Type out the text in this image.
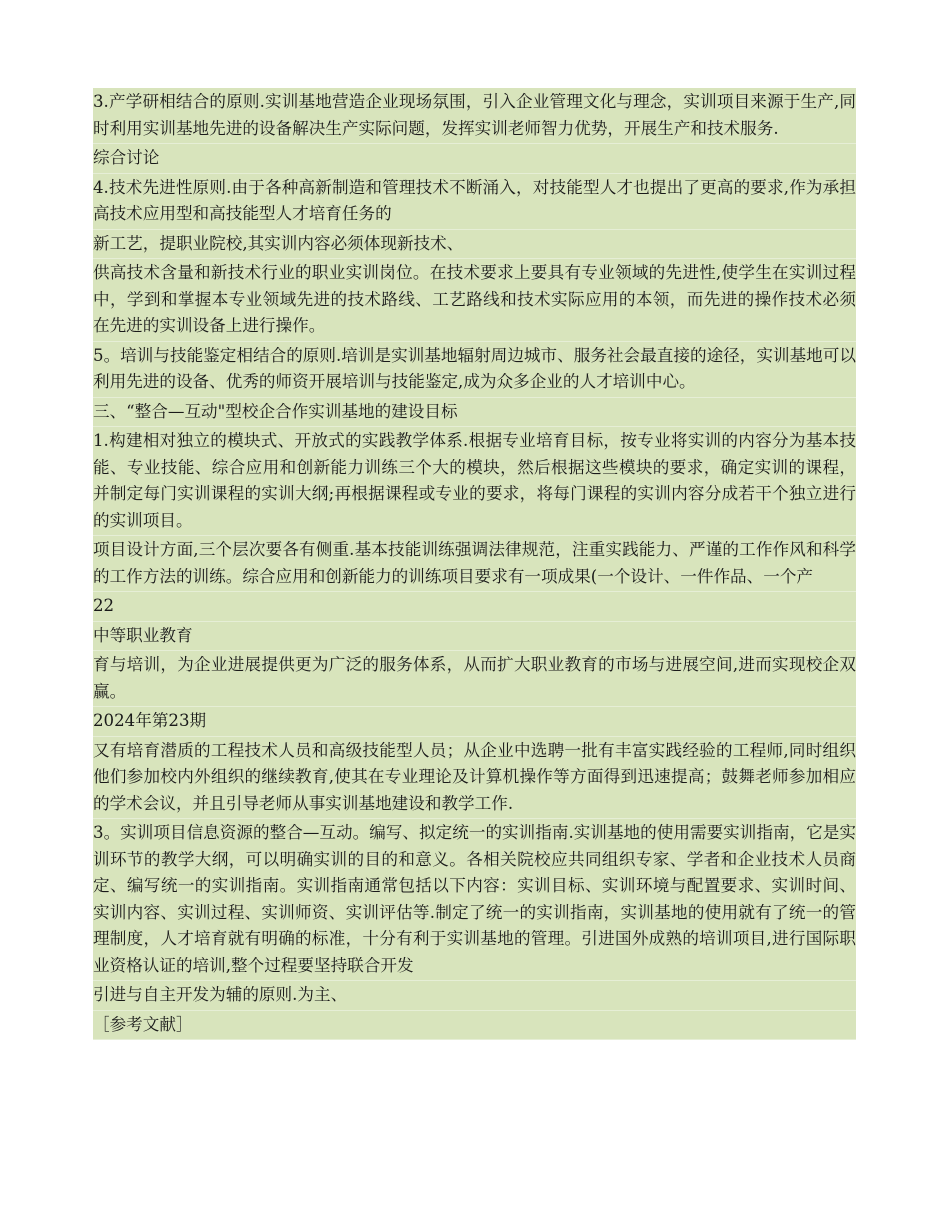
3.产学研相结合的原则.实训基地营造企业现场氛围，引入企业管理文化与理念，实训项目来源于生产,同时利用实训基地先进的设备解决生产实际问题，发挥实训老师智力优势，开展生产和技术服务.
综合讨论
4.技术先进性原则.由于各种高新制造和管理技术不断涌入，对技能型人才也提出了更高的要求,作为承担高技术应用型和高技能型人才培育任务的
新工艺，提职业院校,其实训内容必须体现新技术、
供高技术含量和新技术行业的职业实训岗位。在技术要求上要具有专业领域的先进性,使学生在实训过程中，学到和掌握本专业领域先进的技术路线、工艺路线和技术实际应用的本领，而先进的操作技术必须在先进的实训设备上进行操作。
5。培训与技能鉴定相结合的原则.培训是实训基地辐射周边城市、服务社会最直接的途径，实训基地可以利用先进的设备、优秀的师资开展培训与技能鉴定,成为众多企业的人才培训中心。
三、“整合—互动"型校企合作实训基地的建设目标
1.构建相对独立的模块式、开放式的实践教学体系.根据专业培育目标，按专业将实训的内容分为基本技能、专业技能、综合应用和创新能力训练三个大的模块，然后根据这些模块的要求，确定实训的课程，并制定每门实训课程的实训大纲;再根据课程或专业的要求，将每门课程的实训内容分成若干个独立进行的实训项目。
项目设计方面,三个层次要各有侧重.基本技能训练强调法律规范，注重实践能力、严谨的工作作风和科学的工作方法的训练。综合应用和创新能力的训练项目要求有一项成果(一个设计、一件作品、一个产
22
中等职业教育
育与培训，为企业进展提供更为广泛的服务体系，从而扩大职业教育的市场与进展空间,进而实现校企双赢。
2024年第23期
又有培育潜质的工程技术人员和高级技能型人员；从企业中选聘一批有丰富实践经验的工程师,同时组织他们参加校内外组织的继续教育,使其在专业理论及计算机操作等方面得到迅速提高；鼓舞老师参加相应的学术会议，并且引导老师从事实训基地建设和教学工作.
3。实训项目信息资源的整合—互动。编写、拟定统一的实训指南.实训基地的使用需要实训指南，它是实训环节的教学大纲，可以明确实训的目的和意义。各相关院校应共同组织专家、学者和企业技术人员商定、编写统一的实训指南。实训指南通常包括以下内容：实训目标、实训环境与配置要求、实训时间、实训内容、实训过程、实训师资、实训评估等.制定了统一的实训指南，实训基地的使用就有了统一的管理制度，人才培育就有明确的标准，十分有利于实训基地的管理。引进国外成熟的培训项目,进行国际职业资格认证的培训,整个过程要坚持联合开发
引进与自主开发为辅的原则.为主、
［参考文献］
